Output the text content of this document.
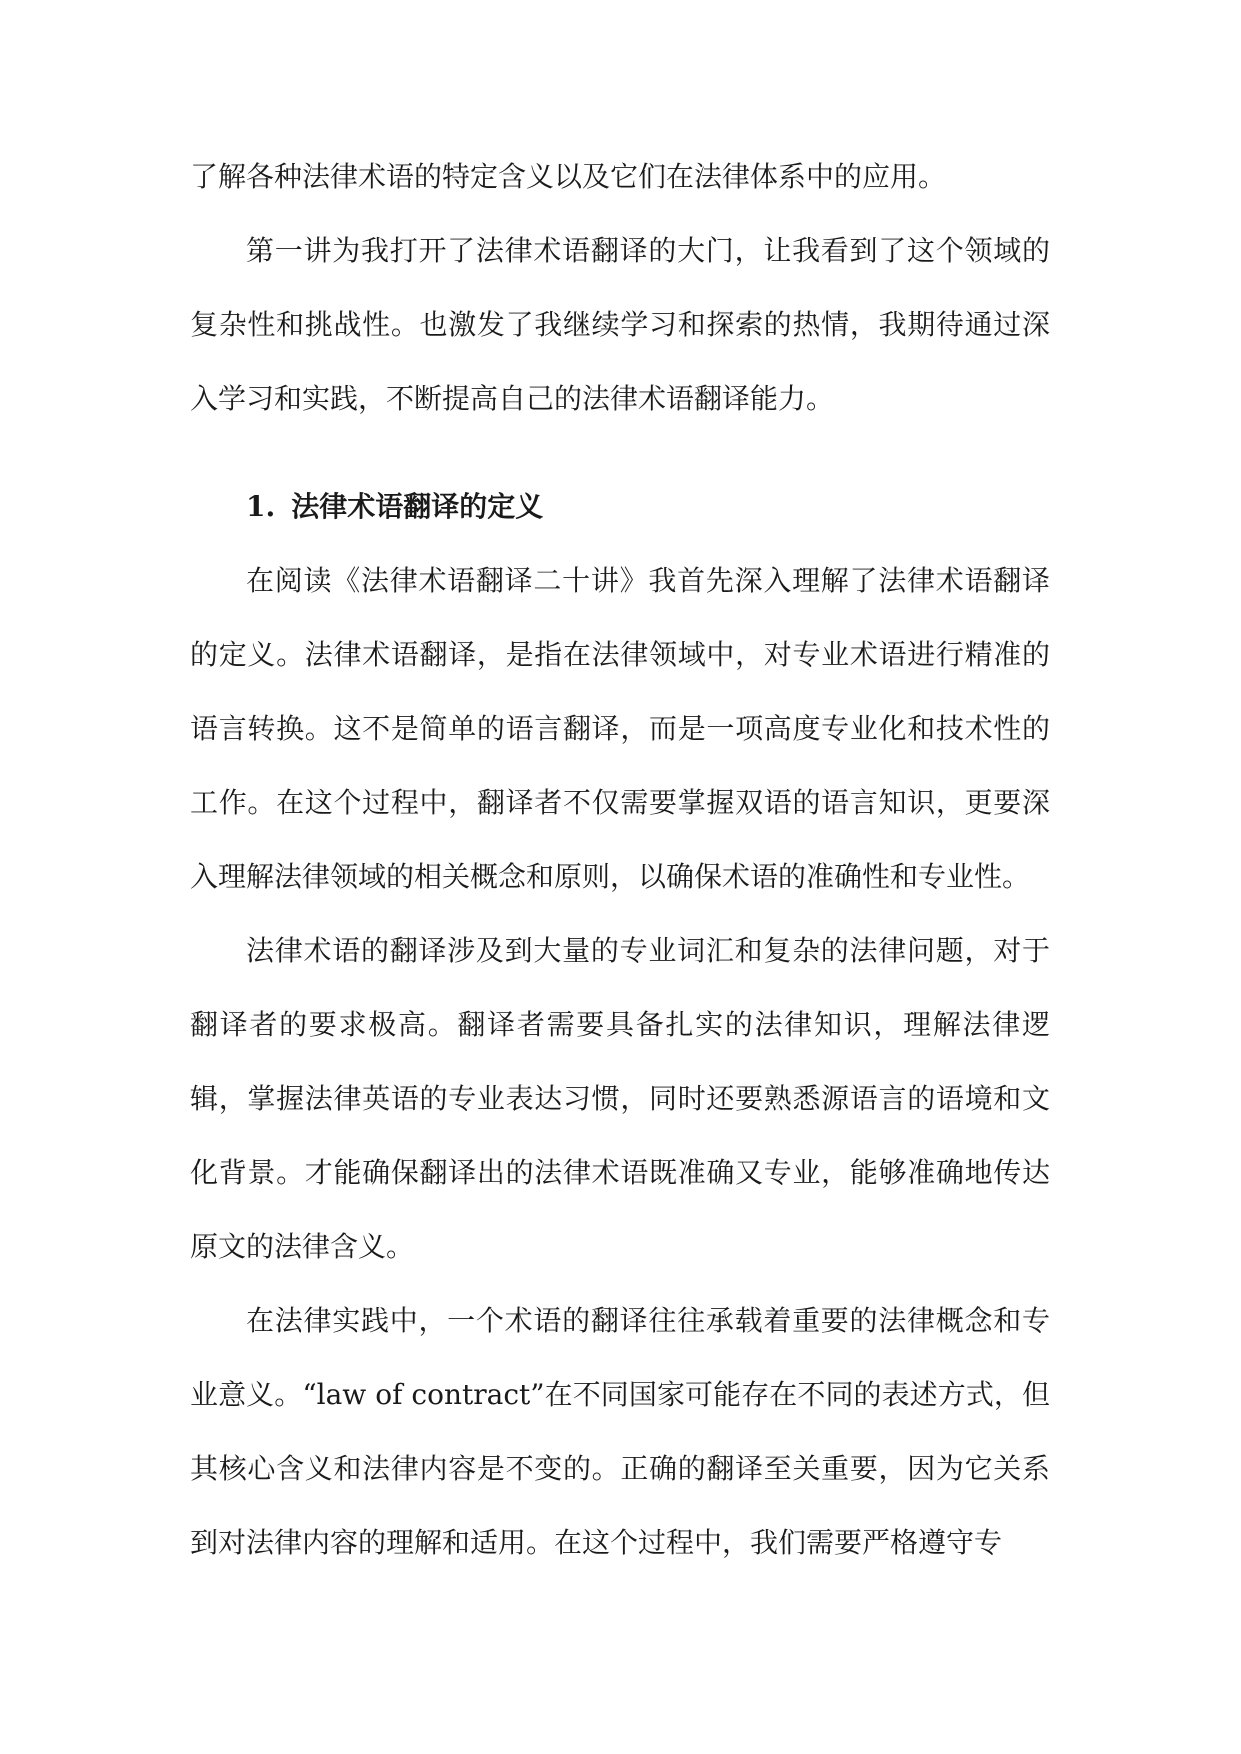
了解各种法律术语的特定含义以及它们在法律体系中的应用。

第一讲为我打开了法律术语翻译的大门，让我看到了这个领域的复杂性和挑战性。也激发了我继续学习和探索的热情，我期待通过深入学习和实践，不断提高自己的法律术语翻译能力。

1. 法律术语翻译的定义

在阅读《法律术语翻译二十讲》我首先深入理解了法律术语翻译的定义。法律术语翻译，是指在法律领域中，对专业术语进行精准的语言转换。这不是简单的语言翻译，而是一项高度专业化和技术性的工作。在这个过程中，翻译者不仅需要掌握双语的语言知识，更要深入理解法律领域的相关概念和原则，以确保术语的准确性和专业性。

法律术语的翻译涉及到大量的专业词汇和复杂的法律问题，对于翻译者的要求极高。翻译者需要具备扎实的法律知识，理解法律逻辑，掌握法律英语的专业表达习惯，同时还要熟悉源语言的语境和文化背景。才能确保翻译出的法律术语既准确又专业，能够准确地传达原文的法律含义。

在法律实践中，一个术语的翻译往往承载着重要的法律概念和专业意义。“law of contract”在不同国家可能存在不同的表述方式，但其核心含义和法律内容是不变的。正确的翻译至关重要，因为它关系到对法律内容的理解和适用。在这个过程中，我们需要严格遵守专
